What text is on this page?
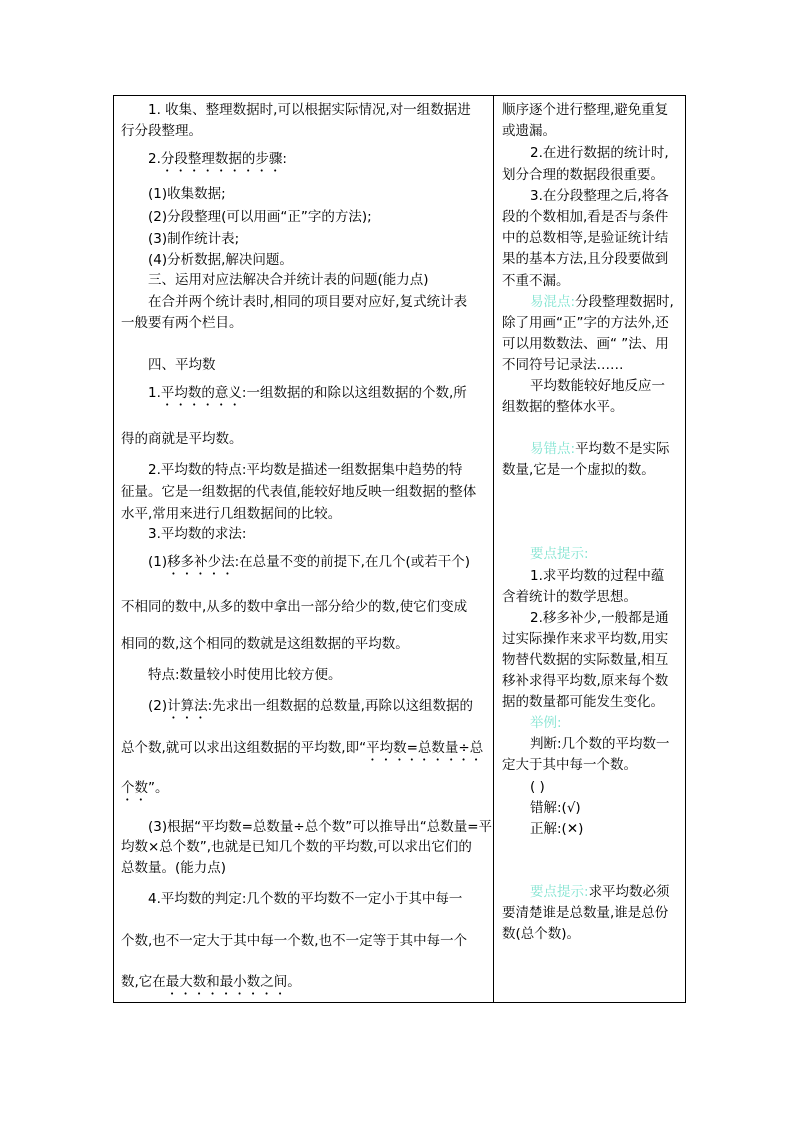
1. 收集、整理数据时,可以根据实际情况,对一组数据进
行分段整理。
2.分段整理数据的步骤:
(1)收集数据;
(2)分段整理(可以用画“正”字的方法);
(3)制作统计表;
(4)分析数据,解决问题。
三、运用对应法解决合并统计表的问题(能力点)
在合并两个统计表时,相同的项目要对应好,复式统计表
一般要有两个栏目。
四、平均数
1.平均数的意义:一组数据的和除以这组数据的个数,所
得的商就是平均数。
2.平均数的特点:平均数是描述一组数据集中趋势的特
征量。它是一组数据的代表值,能较好地反映一组数据的整体
水平,常用来进行几组数据间的比较。
3.平均数的求法:
(1)移多补少法:在总量不变的前提下,在几个(或若干个)
不相同的数中,从多的数中拿出一部分给少的数,使它们变成
相同的数,这个相同的数就是这组数据的平均数。
特点:数量较小时使用比较方便。
(2)计算法:先求出一组数据的总数量,再除以这组数据的
总个数,就可以求出这组数据的平均数,即“平均数=总数量÷总
个数”。
(3)根据“平均数=总数量÷总个数”可以推导出“总数量=平
均数×总个数”,也就是已知几个数的平均数,可以求出它们的
总数量。(能力点)
4.平均数的判定:几个数的平均数不一定小于其中每一
个数,也不一定大于其中每一个数,也不一定等于其中每一个
数,它在最大数和最小数之间。
顺序逐个进行整理,避免重复
或遗漏。
2.在进行数据的统计时,
划分合理的数据段很重要。
3.在分段整理之后,将各
段的个数相加,看是否与条件
中的总数相等,是验证统计结
果的基本方法,且分段要做到
不重不漏。
易混点:分段整理数据时,
除了用画“正”字的方法外,还
可以用数数法、画“ ”法、用
不同符号记录法……
平均数能较好地反应一
组数据的整体水平。
易错点:平均数不是实际
数量,它是一个虚拟的数。
要点提示:
1.求平均数的过程中蕴
含着统计的数学思想。
2.移多补少,一般都是通
过实际操作来求平均数,用实
物替代数据的实际数量,相互
移补求得平均数,原来每个数
据的数量都可能发生变化。
举例:
判断:几个数的平均数一
定大于其中每一个数。
( )
错解:(√)
正解:(✕)
要点提示:求平均数必须
要清楚谁是总数量,谁是总份
数(总个数)。
